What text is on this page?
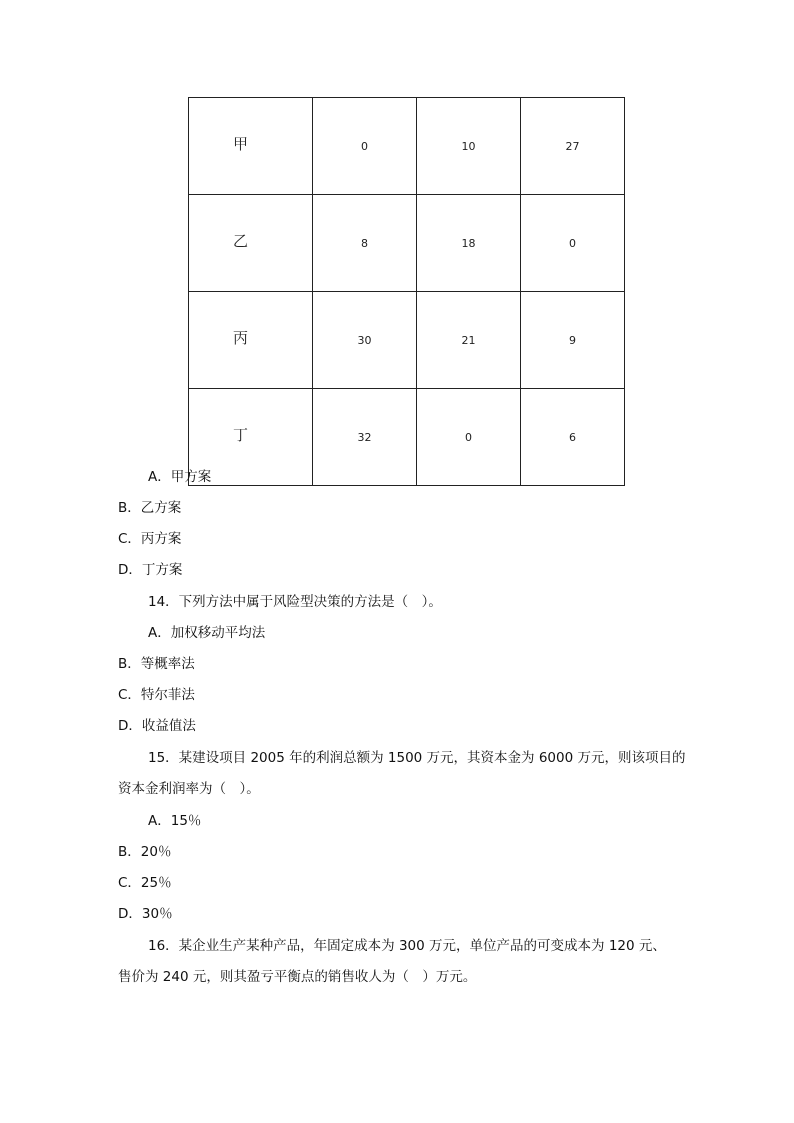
甲	0	10	27
乙	8	18	0
丙	30	21	9
丁	32	0	6
A．甲方案
B．乙方案
C．丙方案
D．丁方案
14．下列方法中属于风险型决策的方法是（　）。
A．加权移动平均法
B．等概率法
C．特尔菲法
D．收益值法
15．某建设项目 2005 年的利润总额为 1500 万元，其资本金为 6000 万元，则该项目的
资本金利润率为（　）。
A．15％
B．20％
C．25％
D．30％
16．某企业生产某种产品，年固定成本为 300 万元，单位产品的可变成本为 120 元、
售价为 240 元，则其盈亏平衡点的销售收人为（　）万元。
